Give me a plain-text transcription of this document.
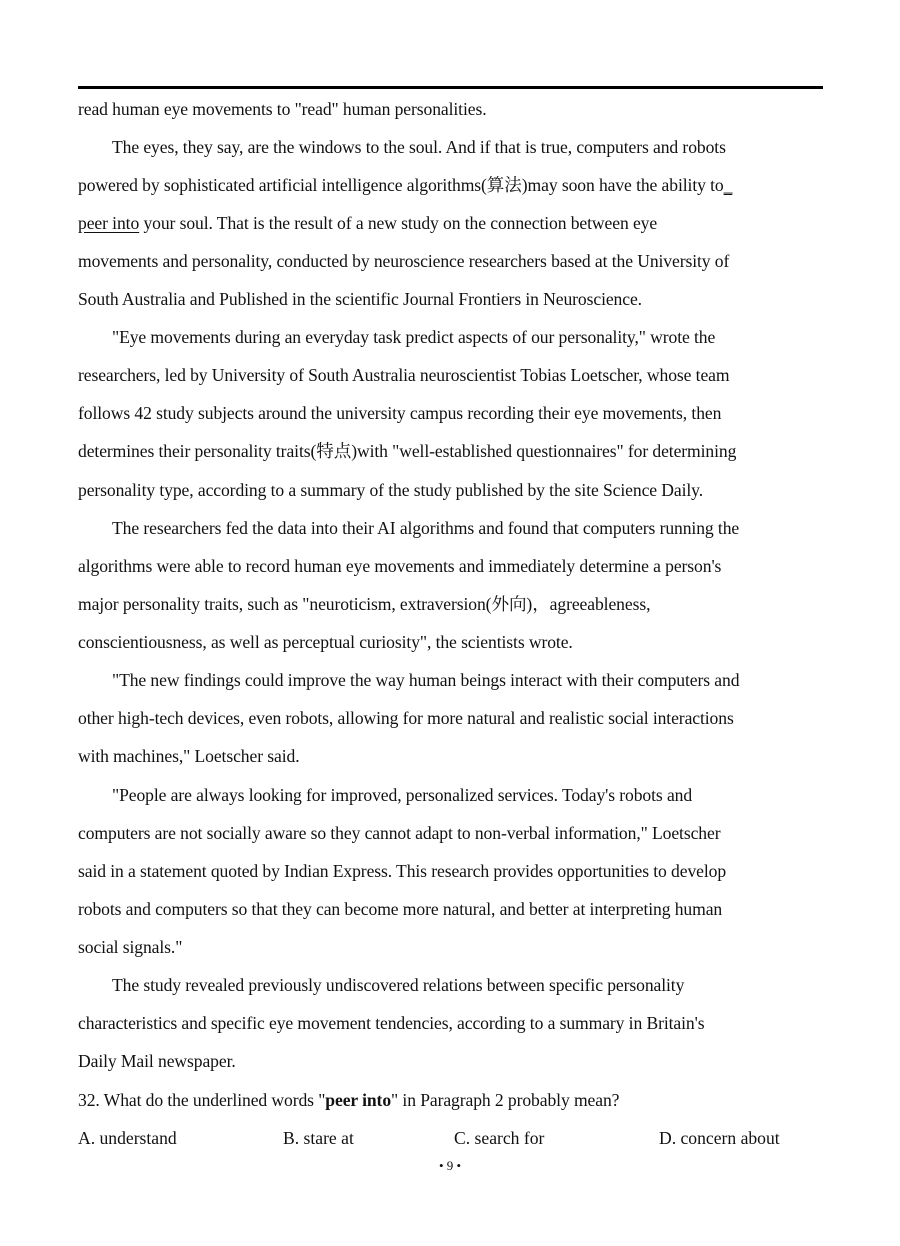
read human eye movements to "read" human personalities.
The eyes, they say, are the windows to the soul. And if that is true, computers and robots
powered by sophisticated artificial intelligence algorithms(算法)may soon have the ability to_
peer into your soul. That is the result of a new study on the connection between eye
movements and personality, conducted by neuroscience researchers based at the University of
South Australia and Published in the scientific Journal Frontiers in Neuroscience.
"Eye movements during an everyday task predict aspects of our personality," wrote the
researchers, led by University of South Australia neuroscientist Tobias Loetscher, whose team
follows 42 study subjects around the university campus recording their eye movements, then
determines their personality traits(特点)with "well-established questionnaires" for determining
personality type, according to a summary of the study published by the site Science Daily.
The researchers fed the data into their AI algorithms and found that computers running the
algorithms were able to record human eye movements and immediately determine a person's
major personality traits, such as "neuroticism, extraversion(外向)，agreeableness,
conscientiousness, as well as perceptual curiosity", the scientists wrote.
"The new findings could improve the way human beings interact with their computers and
other high-tech devices, even robots, allowing for more natural and realistic social interactions
with machines," Loetscher said.
"People are always looking for improved, personalized services. Today's robots and
computers are not socially aware so they cannot adapt to non-verbal information," Loetscher
said in a statement quoted by Indian Express. This research provides opportunities to develop
robots and computers so that they can become more natural, and better at interpreting human
social signals."
The study revealed previously undiscovered relations between specific personality
characteristics and specific eye movement tendencies, according to a summary in Britain's
Daily Mail newspaper.
32. What do the underlined words "peer into" in Paragraph 2 probably mean?
A. understand	B. stare at	C. search for	D. concern about
• 9 •
